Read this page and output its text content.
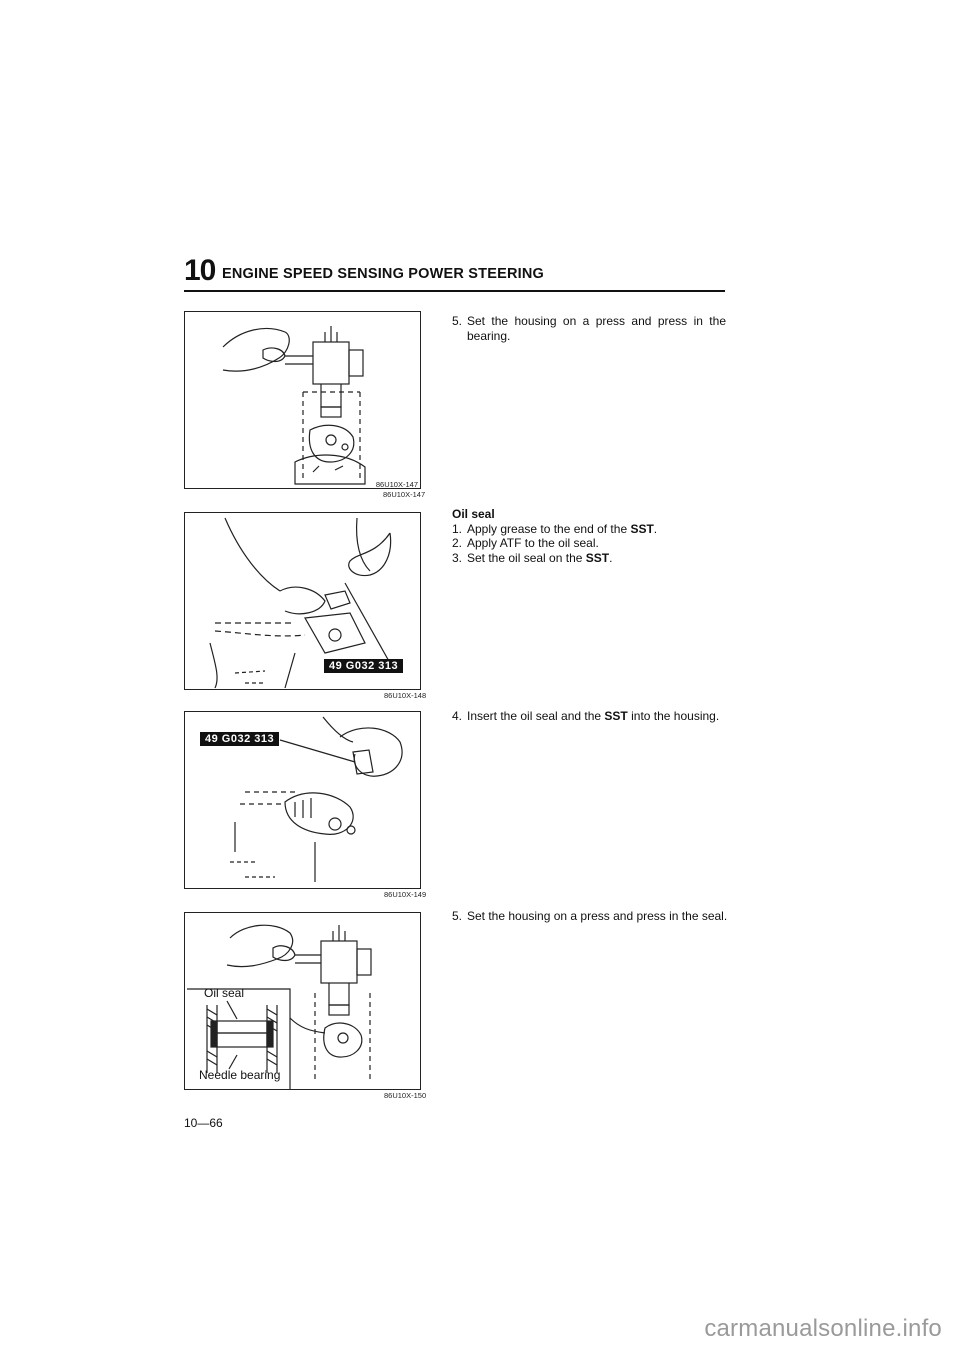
10 ENGINE SPEED SENSING POWER STEERING
86U10X-147
86U10X-147
49 G032 313
86U10X-148
49 G032 313
86U10X-149
Oil seal
Needle bearing
86U10X-150
5. Set the housing on a press and press in the bearing.
Oil seal
1. Apply grease to the end of the SST.
2. Apply ATF to the oil seal.
3. Set the oil seal on the SST.
4. Insert the oil seal and the SST into the housing.
5. Set the housing on a press and press in the seal.
10—66
carmanualsonline.info
